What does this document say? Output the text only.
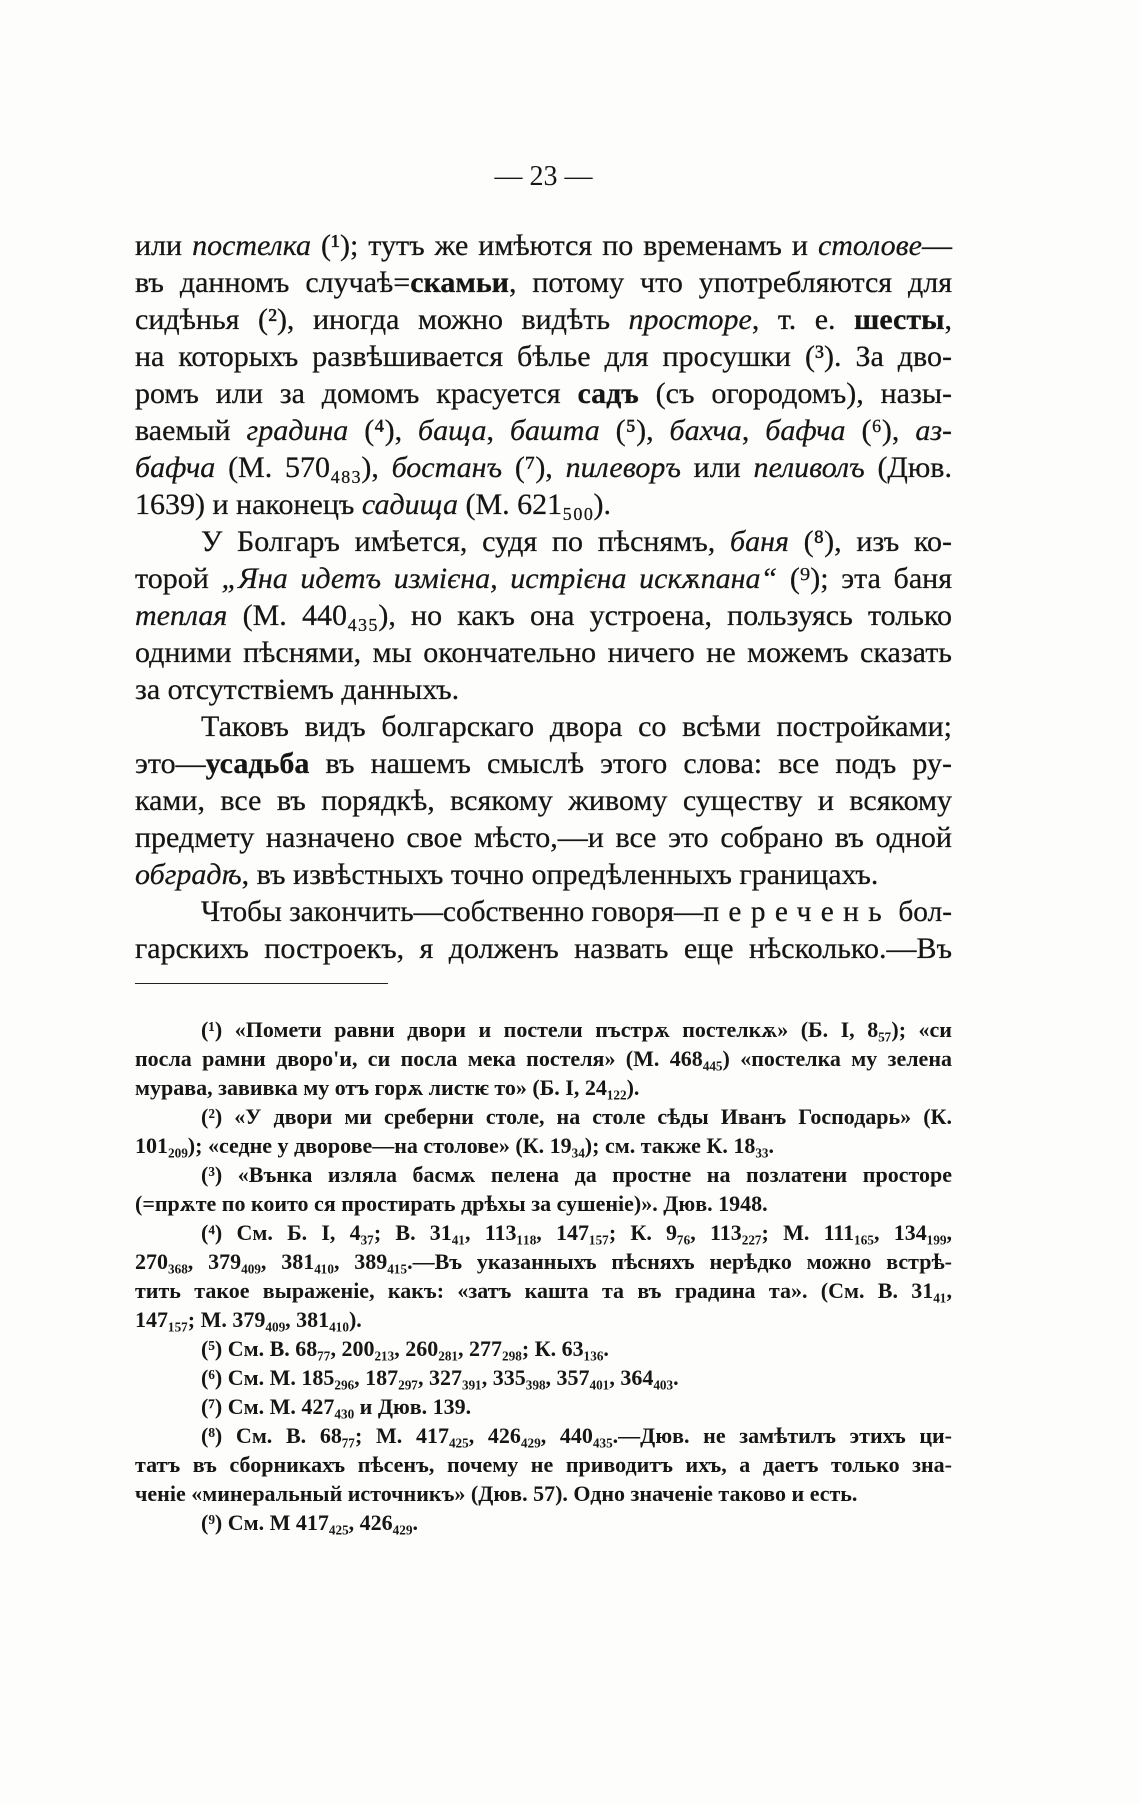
— 23 —
или постелка (¹); тутъ же имѣются по временамъ и столове—
въ данномъ случаѣ=скамьи, потому что употребляются для
сидѣнья (²), иногда можно видѣть просторе, т. е. шесты,
на которыхъ развѣшивается бѣлье для просушки (³). За дво-
ромъ или за домомъ красуется садъ (съ огородомъ), назы-
ваемый градина (⁴), баща, башта (⁵), бахча, бафча (⁶), аз-
бафча (М. 570₄₈₃), бостанъ (⁷), пилеворъ или пеливолъ (Дюв.
1639) и наконецъ садища (М. 621₅₀₀).
У Болгаръ имѣется, судя по пѣснямъ, баня (⁸), изъ ко-
торой „Яна идетъ измієна, истрієна искѫпана“ (⁹); эта баня
теплая (М. 440₄₃₅), но какъ она устроена, пользуясь только
одними пѣснями, мы окончательно ничего не можемъ сказать
за отсутствіемъ данныхъ.
Таковъ видъ болгарскаго двора со всѣми постройками;
это—усадьба въ нашемъ смыслѣ этого слова: все подъ ру-
ками, все въ порядкѣ, всякому живому существу и всякому
предмету назначено свое мѣсто,—и все это собрано въ одной
обградѣ, въ извѣстныхъ точно опредѣленныхъ границахъ.
Чтобы закончить—собственно говоря—перечень бол-
гарскихъ построекъ, я долженъ назвать еще нѣсколько.—Въ
(¹) «Помети равни двори и постели пъстрѫ постелкѫ» (Б. I, 8₅₇); «си
посла рамни дворо'и, си посла мека постеля» (М. 468₄₄₅) «постелка му зелена
мурава, завивка му отъ горѫ листѥ то» (Б. I, 24₁₂₂).
(²) «У двори ми среберни столе, на столе сѣды Иванъ Господарь» (К.
101₂₀₉); «седне у дворове—на столове» (К. 19₃₄); см. также К. 18₃₃.
(³) «Вънка изляла басмѫ пелена да простне на позлатени просторе
(=прѫте по които ся простирать дрѣхы за сушеніе)». Дюв. 1948.
(⁴) См. Б. I, 4₃₇; В. 31₄₁, 113₁₁₈, 147₁₅₇; К. 9₇₆, 113₂₂₇; М. 111₁₆₅, 134₁₉₉,
270₃₆₈, 379₄₀₉, 381₄₁₀, 389₄₁₅.—Въ указанныхъ пѣсняхъ нерѣдко можно встрѣ-
тить такое выраженіе, какъ: «затъ кашта та въ градина та». (См. В. 31₄₁,
147₁₅₇; М. 379₄₀₉, 381₄₁₀).
(⁵) См. В. 68₇₇, 200₂₁₃, 260₂₈₁, 277₂₉₈; К. 63₁₃₆.
(⁶) См. М. 185₂₉₆, 187₂₉₇, 327₃₉₁, 335₃₉₈, 357₄₀₁, 364₄₀₃.
(⁷) См. М. 427₄₃₀ и Дюв. 139.
(⁸) См. В. 68₇₇; М. 417₄₂₅, 426₄₂₉, 440₄₃₅.—Дюв. не замѣтилъ этихъ ци-
татъ въ сборникахъ пѣсенъ, почему не приводитъ ихъ, а даетъ только зна-
ченіе «минеральный источникъ» (Дюв. 57). Одно значеніе таково и есть.
(⁹) См. М 417₄₂₅, 426₄₂₉.
